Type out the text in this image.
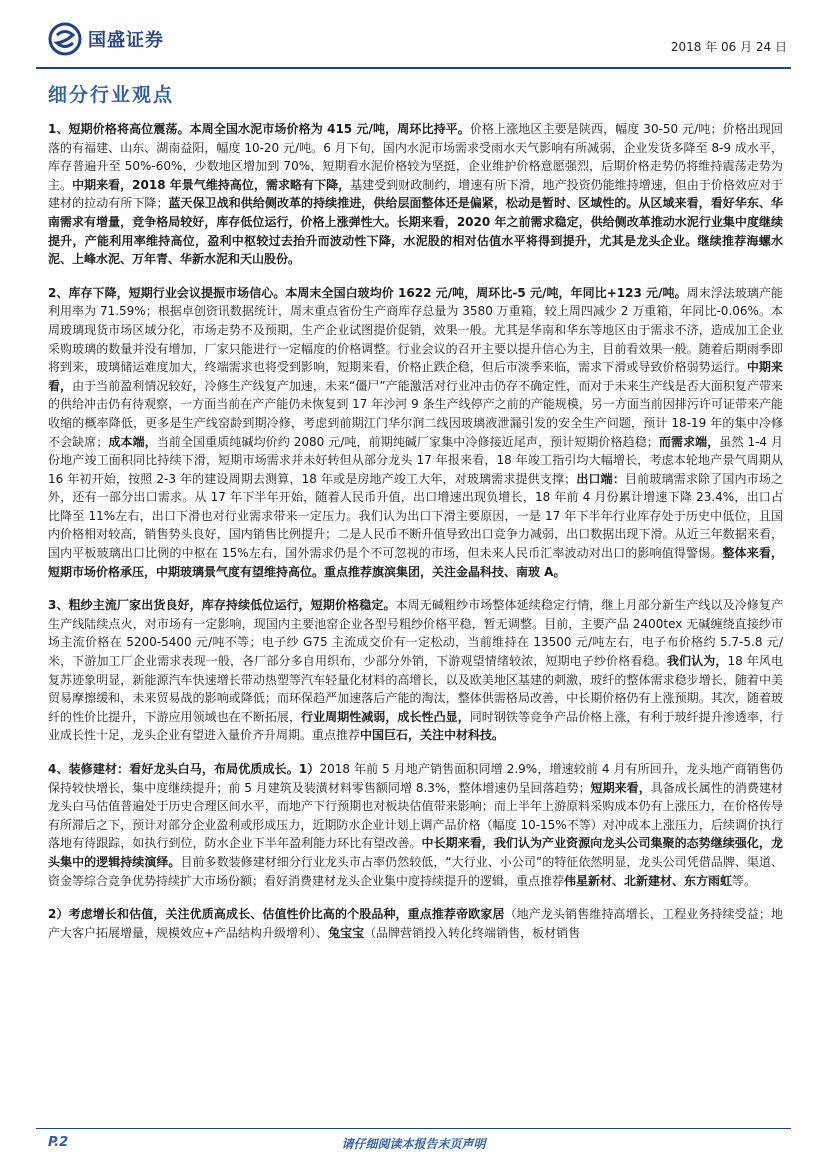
国盛证券	2018 年 06 月 24 日
细分行业观点

1、短期价格将高位震荡。本周全国水泥市场价格为 415 元/吨，周环比持平。价格上涨地区主要是陕西，幅度 30-50 元/吨；价格出现回落的有福建、山东、湖南益阳，幅度 10-20 元/吨。6 月下旬，国内水泥市场需求受雨水天气影响有所减弱，企业发货多降至 8-9 成水平，库存普遍升至 50%-60%，少数地区增加到 70%，短期看水泥价格较为坚挺，企业维护价格意愿强烈，后期价格走势仍将维持震荡走势为主。中期来看，2018 年景气维持高位，需求略有下降，基建受到财政制约，增速有所下滑，地产投资仍能维持增速，但由于价格效应对于建材的拉动有所下降；蓝天保卫战和供给侧改革的持续推进，供给层面整体还是偏紧，松动是暂时、区域性的。从区域来看，看好华东、华南需求有增量，竞争格局较好，库存低位运行，价格上涨弹性大。长期来看，2020 年之前需求稳定，供给侧改革推动水泥行业集中度继续提升，产能利用率维持高位，盈利中枢较过去抬升而波动性下降，水泥股的相对估值水平将得到提升，尤其是龙头企业。继续推荐海螺水泥、上峰水泥、万年青、华新水泥和天山股份。

2、库存下降，短期行业会议提振市场信心。本周末全国白玻均价 1622 元/吨，周环比-5 元/吨，年同比+123 元/吨。周末浮法玻璃产能利用率为 71.59%；根据卓创资讯数据统计，周末重点省份生产商库存总量为 3580 万重箱，较上周四减少 2 万重箱，年同比-0.06%。本周玻璃现货市场区域分化，市场走势不及预期，生产企业试图提价促销，效果一般。尤其是华南和华东等地区由于需求不济，造成加工企业采购玻璃的数量并没有增加，厂家只能进行一定幅度的价格调整。行业会议的召开主要以提升信心为主，目前看效果一般。随着后期雨季即将到来，玻璃储运难度加大，终端需求也将受到影响，短期来看，价格止跌企稳，但后市淡季来临，需求下滑或导致价格弱势运行。中期来看，由于当前盈利情况较好，冷修生产线复产加速，未来“僵尸”产能激活对行业冲击仍存不确定性，而对于未来生产线是否大面积复产带来的供给冲击仍有待观察，一方面当前在产产能仍未恢复到 17 年沙河 9 条生产线停产之前的产能规模，另一方面当前因排污许可证带来产能收缩的概率降低，更多是生产线窑龄到期冷修，考虑到前期江门华尔润二线因玻璃液泄漏引发的安全生产问题，预计 18-19 年的集中冷修不会缺席；成本端，当前全国重质纯碱均价约 2080 元/吨，前期纯碱厂家集中冷修接近尾声，预计短期价格趋稳；而需求端，虽然 1-4 月份地产竣工面积同比持续下滑，短期市场需求并未好转但从部分龙头 17 年报来看，18 年竣工指引均大幅增长，考虑本轮地产景气周期从 16 年初开始，按照 2-3 年的建设周期去测算，18 年或是房地产竣工大年，对玻璃需求提供支撑；出口端：目前玻璃需求除了国内市场之外，还有一部分出口需求。从 17 年下半年开始，随着人民币升值，出口增速出现负增长，18 年前 4 月份累计增速下降 23.4%，出口占比降至 11%左右，出口下滑也对行业需求带来一定压力。我们认为出口下滑主要原因，一是 17 年下半年行业库存处于历史中低位，且国内价格相对较高，销售势头良好，国内销售比例提升；二是人民币不断升值导致出口竞争力减弱，出口数据出现下滑。从近三年数据来看，国内平板玻璃出口比例的中枢在 15%左右，国外需求仍是个不可忽视的市场，但未来人民币汇率波动对出口的影响值得警惕。整体来看，短期市场价格承压，中期玻璃景气度有望维持高位。重点推荐旗滨集团，关注金晶科技、南玻 A。

3、粗纱主流厂家出货良好，库存持续低位运行，短期价格稳定。本周无碱粗纱市场整体延续稳定行情，继上月部分新生产线以及冷修复产生产线陆续点火，对市场有一定影响，现国内主要池窑企业各型号粗纱价格平稳，暂无调整。目前，主要产品 2400tex 无碱缠绕直接纱市场主流价格在 5200-5400 元/吨不等；电子纱 G75 主流成交价有一定松动，当前维持在 13500 元/吨左右，电子布价格约 5.7-5.8 元/米，下游加工厂企业需求表现一般，各厂部分多自用织布，少部分外销，下游观望情绪较浓，短期电子纱价格看稳。我们认为，18 年风电复苏迹象明显，新能源汽车快速增长带动热塑等汽车轻量化材料的高增长，以及欧美地区基建的刺激，玻纤的整体需求稳步增长，随着中美贸易摩擦缓和，未来贸易战的影响或降低；而环保趋严加速落后产能的淘汰，整体供需格局改善，中长期价格仍有上涨预期。其次，随着玻纤的性价比提升，下游应用领域也在不断拓展，行业周期性减弱，成长性凸显，同时钢铁等竞争产品价格上涨，有利于玻纤提升渗透率，行业成长性十足，龙头企业有望进入量价齐升周期。重点推荐中国巨石，关注中材科技。

4、装修建材：看好龙头白马，布局优质成长。1）2018 年前 5 月地产销售面积同增 2.9%，增速较前 4 月有所回升，龙头地产商销售仍保持较快增长，集中度继续提升；前 5 月建筑及装潢材料零售额同增 8.3%，整体增速仍呈回落趋势；短期来看，具备成长属性的消费建材龙头白马估值普遍处于历史合理区间水平，而地产下行预期也对板块估值带来影响；而上半年上游原料采购成本仍有上涨压力，在价格传导有所滞后之下，预计对部分企业盈利或形成压力，近期防水企业计划上调产品价格（幅度 10-15%不等）对冲成本上涨压力，后续调价执行落地有待跟踪，如执行到位，防水企业下半年盈利能力环比有望改善。中长期来看，我们认为产业资源向龙头公司集聚的态势继续强化，龙头集中的逻辑持续演绎。目前多数装修建材细分行业龙头市占率仍然较低，“大行业、小公司”的特征依然明显，龙头公司凭借品牌、渠道、资金等综合竞争优势持续扩大市场份额；看好消费建材龙头企业集中度持续提升的逻辑，重点推荐伟星新材、北新建材、东方雨虹等。

2）考虑增长和估值，关注优质高成长、估值性价比高的个股品种，重点推荐帝欧家居（地产龙头销售维持高增长，工程业务持续受益；地产大客户拓展增量，规模效应+产品结构升级增利）、兔宝宝（品牌营销投入转化终端销售，板材销售

P.2	请仔细阅读本报告末页声明
